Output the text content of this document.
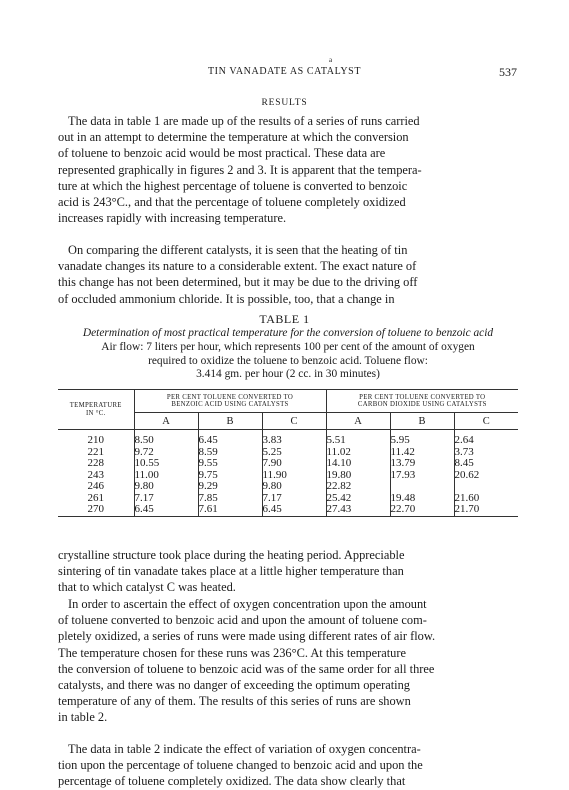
a
TIN VANADATE AS CATALYST	537
RESULTS

The data in table 1 are made up of the results of a series of runs carried
out in an attempt to determine the temperature at which the conversion
of toluene to benzoic acid would be most practical. These data are
represented graphically in figures 2 and 3. It is apparent that the tempera-
ture at which the highest percentage of toluene is converted to benzoic
acid is 243°C., and that the percentage of toluene completely oxidized
increases rapidly with increasing temperature.

On comparing the different catalysts, it is seen that the heating of tin
vanadate changes its nature to a considerable extent. The exact nature of
this change has not been determined, but it may be due to the driving off
of occluded ammonium chloride. It is possible, too, that a change in

TABLE 1
Determination of most practical temperature for the conversion of toluene to benzoic acid

Air flow: 7 liters per hour, which represents 100 per cent of the amount of oxygen
required to oxidize the toluene to benzoic acid. Toluene flow:
3.414 gm. per hour (2 cc. in 30 minutes)

TEMPERATURE
IN °C.	PER CENT TOLUENE CONVERTED TO
BENZOIC ACID USING CATALYSTS			PER CENT TOLUENE CONVERTED TO
CARBON DIOXIDE USING CATALYSTS		
	A	B	C	A	B	C

210	8.50	6.45	3.83	5.51	5.95	2.64
221	9.72	8.59	5.25	11.02	11.42	3.73
228	10.55	9.55	7.90	14.10	13.79	8.45
243	11.00	9.75	11.90	19.80	17.93	20.62
246	9.80	9.29	9.80	22.82		
261	7.17	7.85	7.17	25.42	19.48	21.60
270	6.45	7.61	6.45	27.43	22.70	21.70

crystalline structure took place during the heating period. Appreciable
sintering of tin vanadate takes place at a little higher temperature than
that to which catalyst C was heated.

In order to ascertain the effect of oxygen concentration upon the amount
of toluene converted to benzoic acid and upon the amount of toluene com-
pletely oxidized, a series of runs were made using different rates of air flow.
The temperature chosen for these runs was 236°C. At this temperature
the conversion of toluene to benzoic acid was of the same order for all three
catalysts, and there was no danger of exceeding the optimum operating
temperature of any of them. The results of this series of runs are shown
in table 2.

The data in table 2 indicate the effect of variation of oxygen concentra-
tion upon the percentage of toluene changed to benzoic acid and upon the
percentage of toluene completely oxidized. The data show clearly that
